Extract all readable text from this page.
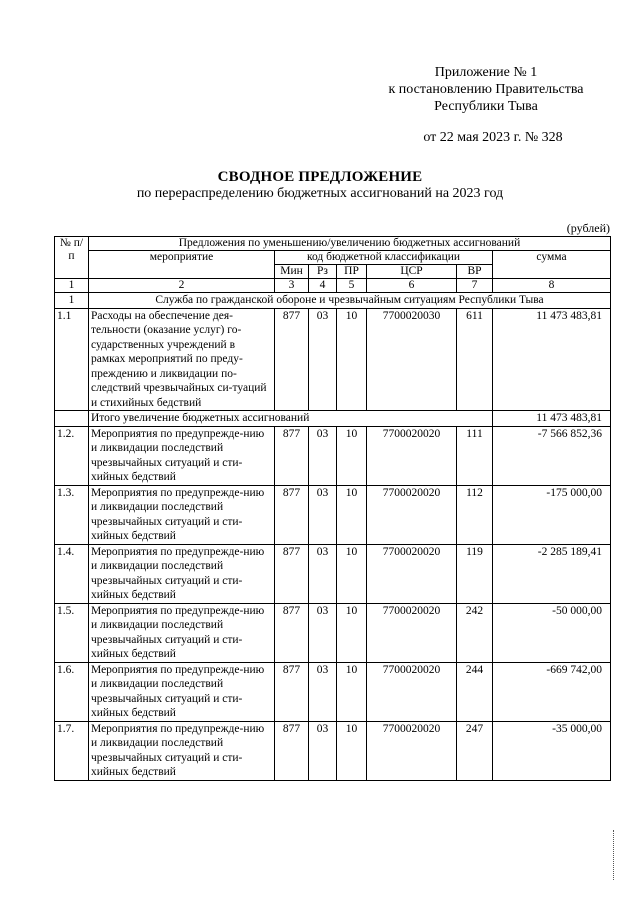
Приложение № 1
к постановлению Правительства
Республики Тыва
от 22 мая 2023 г. № 328
СВОДНОЕ ПРЕДЛОЖЕНИЕ
по перераспределению бюджетных ассигнований на 2023 год
(рублей)
№ п/п	Предложения по уменьшению/увеличению бюджетных ассигнований						
	мероприятие	код бюджетной классификации					сумма
		Мин	Рз	ПР	ЦСР	ВР	
1	2	3	4	5	6	7	8
1	Служба по гражданской обороне и чрезвычайным ситуациям Республики Тыва						
1.1	Расходы на обеспечение дея-тельности (оказание услуг) го-сударственных учреждений в рамках мероприятий по преду-преждению и ликвидации по-следствий чрезвычайных си-туаций и стихийных бедствий	877	03	10	7700020030	611	11 473 483,81
	Итого увеличение бюджетных ассигнований						11 473 483,81
1.2.	Мероприятия по предупрежде-нию и ликвидации последствий чрезвычайных ситуаций и сти-хийных бедствий	877	03	10	7700020020	111	-7 566 852,36
1.3.	Мероприятия по предупрежде-нию и ликвидации последствий чрезвычайных ситуаций и сти-хийных бедствий	877	03	10	7700020020	112	-175 000,00
1.4.	Мероприятия по предупрежде-нию и ликвидации последствий чрезвычайных ситуаций и сти-хийных бедствий	877	03	10	7700020020	119	-2 285 189,41
1.5.	Мероприятия по предупрежде-нию и ликвидации последствий чрезвычайных ситуаций и сти-хийных бедствий	877	03	10	7700020020	242	-50 000,00
1.6.	Мероприятия по предупрежде-нию и ликвидации последствий чрезвычайных ситуаций и сти-хийных бедствий	877	03	10	7700020020	244	-669 742,00
1.7.	Мероприятия по предупрежде-нию и ликвидации последствий чрезвычайных ситуаций и сти-хийных бедствий	877	03	10	7700020020	247	-35 000,00
